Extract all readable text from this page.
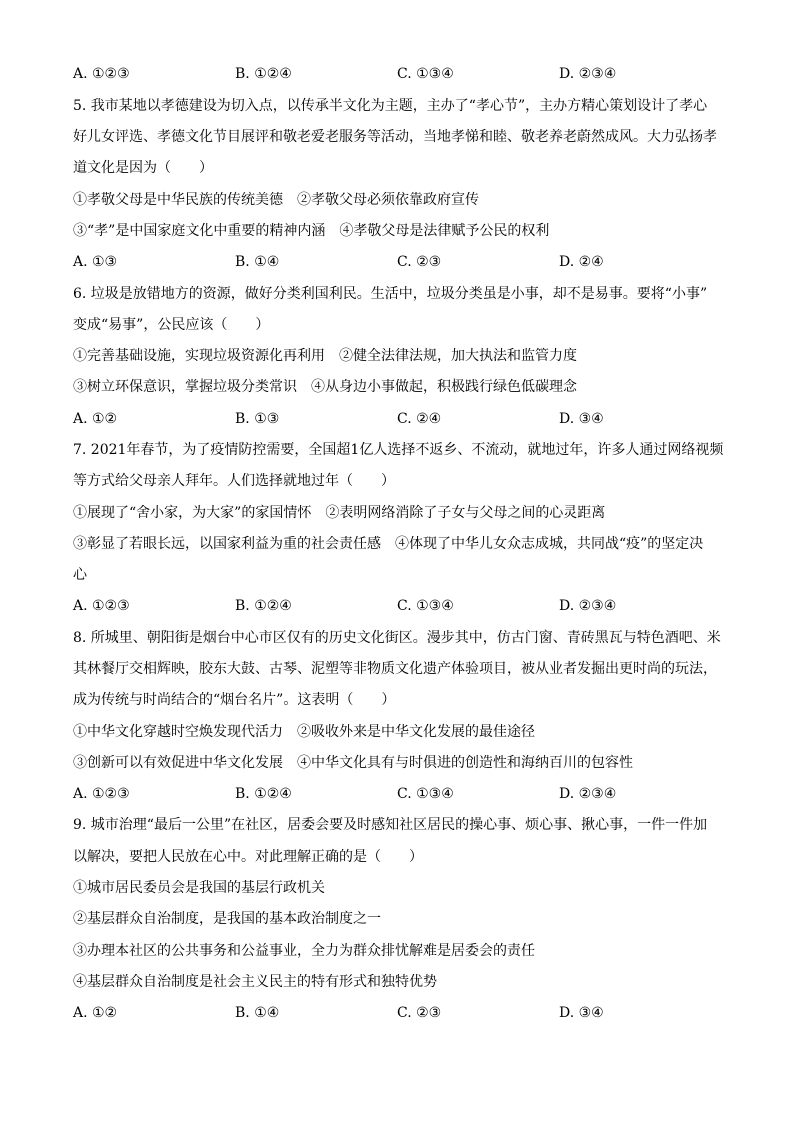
A. ①②③	B. ①②④	C. ①③④	D. ②③④
5. 我市某地以孝德建设为切入点，以传承半文化为主题，主办了“孝心节”，主办方精心策划设计了孝心
好儿女评选、孝德文化节目展评和敬老爱老服务等活动，当地孝悌和睦、敬老养老蔚然成风。大力弘扬孝
道文化是因为（　　）
①孝敬父母是中华民族的传统美德　②孝敬父母必须依靠政府宣传
③“孝”是中国家庭文化中重要的精神内涵　④孝敬父母是法律赋予公民的权利
A. ①③	B. ①④	C. ②③	D. ②④
6. 垃圾是放错地方的资源，做好分类利国利民。生活中，垃圾分类虽是小事，却不是易事。要将“小事”
变成“易事”，公民应该（　　）
①完善基础设施，实现垃圾资源化再利用　②健全法律法规，加大执法和监管力度
③树立环保意识，掌握垃圾分类常识　④从身边小事做起，积极践行绿色低碳理念
A. ①②	B. ①③	C. ②④	D. ③④
7. 2021年春节，为了疫情防控需要，全国超1亿人选择不返乡、不流动，就地过年，许多人通过网络视频
等方式给父母亲人拜年。人们选择就地过年（　　）
①展现了“舍小家，为大家”的家国情怀　②表明网络消除了子女与父母之间的心灵距离
③彰显了若眼长远，以国家利益为重的社会责任感　④体现了中华儿女众志成城，共同战“疫”的坚定决
心
A. ①②③	B. ①②④	C. ①③④	D. ②③④
8. 所城里、朝阳街是烟台中心市区仅有的历史文化街区。漫步其中，仿古门窗、青砖黑瓦与特色酒吧、米
其林餐厅交相辉映，胶东大鼓、古琴、泥塑等非物质文化遗产体验项目，被从业者发掘出更时尚的玩法，
成为传统与时尚结合的“烟台名片”。这表明（　　）
①中华文化穿越时空焕发现代活力　②吸收外来是中华文化发展的最佳途径
③创新可以有效促进中华文化发展　④中华文化具有与时俱进的创造性和海纳百川的包容性
A. ①②③	B. ①②④	C. ①③④	D. ②③④
9. 城市治理“最后一公里”在社区，居委会要及时感知社区居民的操心事、烦心事、揪心事，一件一件加
以解决，要把人民放在心中。对此理解正确的是（　　）
①城市居民委员会是我国的基层行政机关
②基层群众自治制度，是我国的基本政治制度之一
③办理本社区的公共事务和公益事业，全力为群众排忧解难是居委会的责任
④基层群众自治制度是社会主义民主的特有形式和独特优势
A. ①②	B. ①④	C. ②③	D. ③④
